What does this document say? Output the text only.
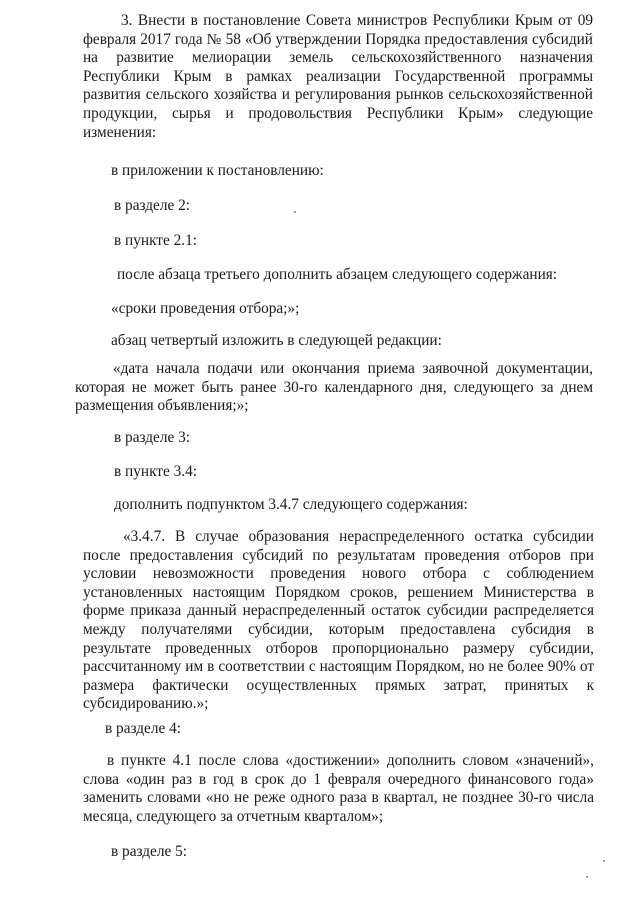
3. Внести в постановление Совета министров Республики Крым от 09 февраля 2017 года № 58 «Об утверждении Порядка предоставления субсидий на развитие мелиорации земель сельскохозяйственного назначения Республики Крым в рамках реализации Государственной программы развития сельского хозяйства и регулирования рынков сельскохозяйственной продукции, сырья и продовольствия Республики Крым» следующие изменения:

в приложении к постановлению:

в разделе 2:

в пункте 2.1:

после абзаца третьего дополнить абзацем следующего содержания:

«сроки проведения отбора;»;

абзац четвертый изложить в следующей редакции:

«дата начала подачи или окончания приема заявочной документации, которая не может быть ранее 30-го календарного дня, следующего за днем размещения объявления;»;

в разделе 3:

в пункте 3.4:

дополнить подпунктом 3.4.7 следующего содержания:

«3.4.7. В случае образования нераспределенного остатка субсидии после предоставления субсидий по результатам проведения отборов при условии невозможности проведения нового отбора с соблюдением установленных настоящим Порядком сроков, решением Министерства в форме приказа данный нераспределенный остаток субсидии распределяется между получателями субсидии, которым предоставлена субсидия в результате проведенных отборов пропорционально размеру субсидии, рассчитанному им в соответствии с настоящим Порядком, но не более 90% от размера фактически осуществленных прямых затрат, принятых к субсидированию.»;

в разделе 4:

в пункте 4.1 после слова «достижении» дополнить словом «значений», слова «один раз в год в срок до 1 февраля очередного финансового года» заменить словами «но не реже одного раза в квартал, не позднее 30-го числа месяца, следующего за отчетным кварталом»;

в разделе 5:
